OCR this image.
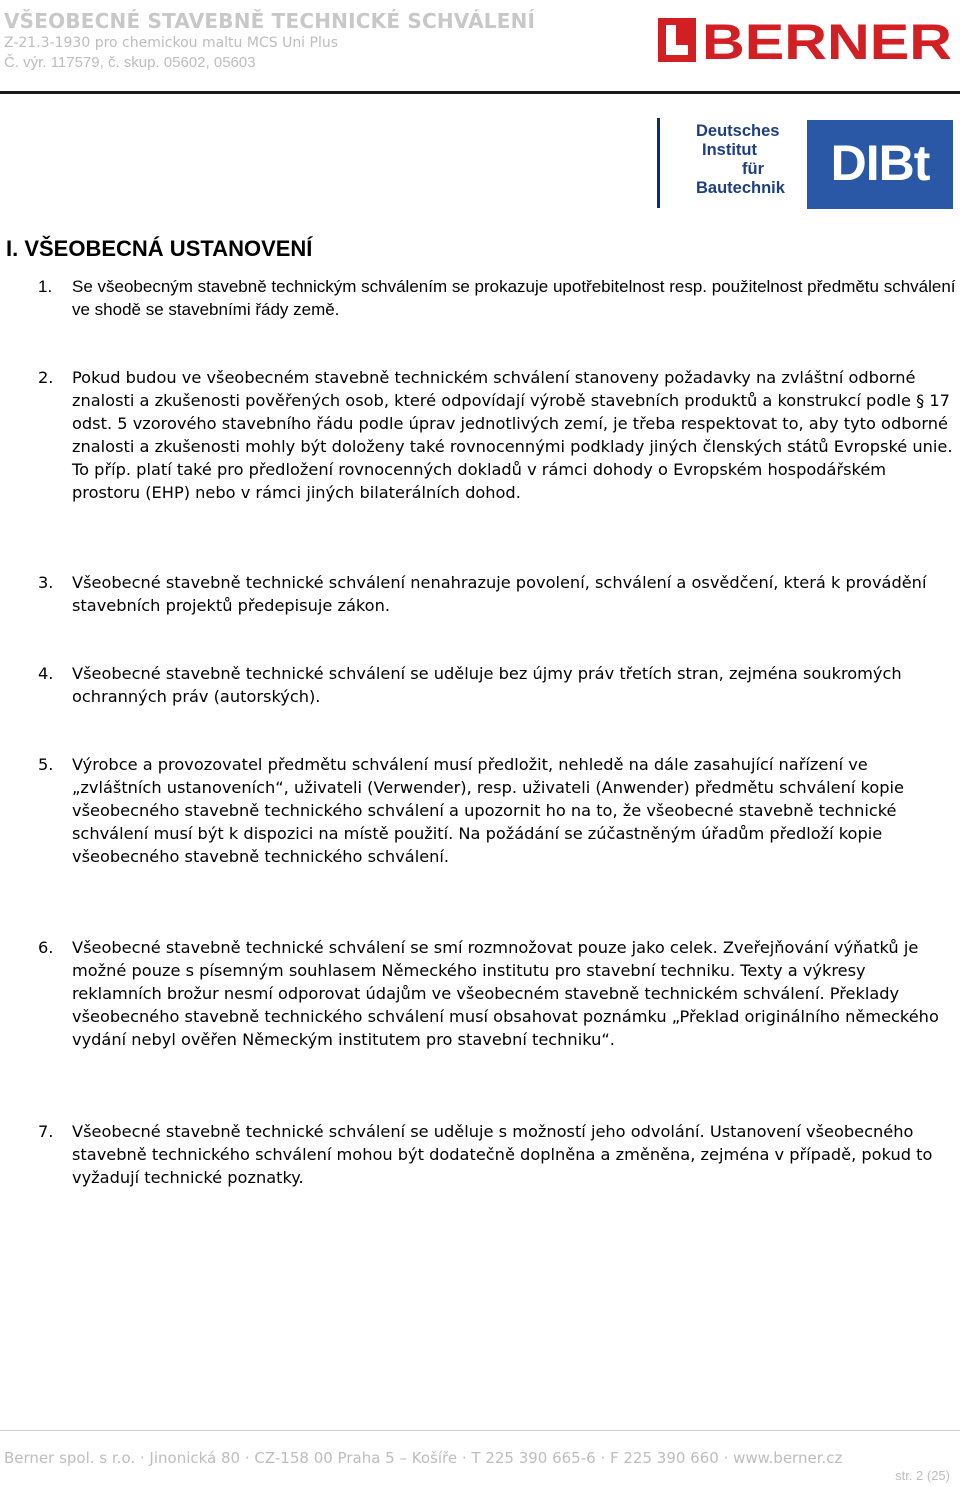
VŠEOBECNÉ STAVEBNĚ TECHNICKÉ SCHVÁLENÍ
Z-21.3-1930 pro chemickou maltu MCS Uni Plus
Č. výr. 117579, č. skup. 05602, 05603	BERNER
Deutsches
Institut
für
Bautechnik DIBt
I. VŠEOBECNÁ USTANOVENÍ
1. Se všeobecným stavebně technickým schválením se prokazuje upotřebitelnost resp. použitelnost předmětu schválení ve shodě se stavebními řády země.
2. Pokud budou ve všeobecném stavebně technickém schválení stanoveny požadavky na zvláštní odborné znalosti a zkušenosti pověřených osob, které odpovídají výrobě stavebních produktů a konstrukcí podle § 17 odst. 5 vzorového stavebního řádu podle úprav jednotlivých zemí, je třeba respektovat to, aby tyto odborné znalosti a zkušenosti mohly být doloženy také rovnocennými podklady jiných členských států Evropské unie. To příp. platí také pro předložení rovnocenných dokladů v rámci dohody o Evropském hospodářském prostoru (EHP) nebo v rámci jiných bilaterálních dohod.
3. Všeobecné stavebně technické schválení nenahrazuje povolení, schválení a osvědčení, která k provádění stavebních projektů předepisuje zákon.
4. Všeobecné stavebně technické schválení se uděluje bez újmy práv třetích stran, zejména soukromých ochranných práv (autorských).
5. Výrobce a provozovatel předmětu schválení musí předložit, nehledě na dále zasahující nařízení ve „zvláštních ustanoveních“, uživateli (Verwender), resp. uživateli (Anwender) předmětu schválení kopie všeobecného stavebně technického schválení a upozornit ho na to, že všeobecné stavebně technické schválení musí být k dispozici na místě použití. Na požádání se zúčastněným úřadům předloží kopie všeobecného stavebně technického schválení.
6. Všeobecné stavebně technické schválení se smí rozmnožovat pouze jako celek. Zveřejňování výňatků je možné pouze s písemným souhlasem Německého institutu pro stavební techniku. Texty a výkresy reklamních brožur nesmí odporovat údajům ve všeobecném stavebně technickém schválení. Překlady všeobecného stavebně technického schválení musí obsahovat poznámku „Překlad originálního německého vydání nebyl ověřen Německým institutem pro stavební techniku“.
7. Všeobecné stavebně technické schválení se uděluje s možností jeho odvolání. Ustanovení všeobecného stavebně technického schválení mohou být dodatečně doplněna a změněna, zejména v případě, pokud to vyžadují technické poznatky.
Berner spol. s r.o. · Jinonická 80 · CZ-158 00 Praha 5 – Košíře · T 225 390 665-6 · F 225 390 660 · www.berner.cz
str. 2 (25)
